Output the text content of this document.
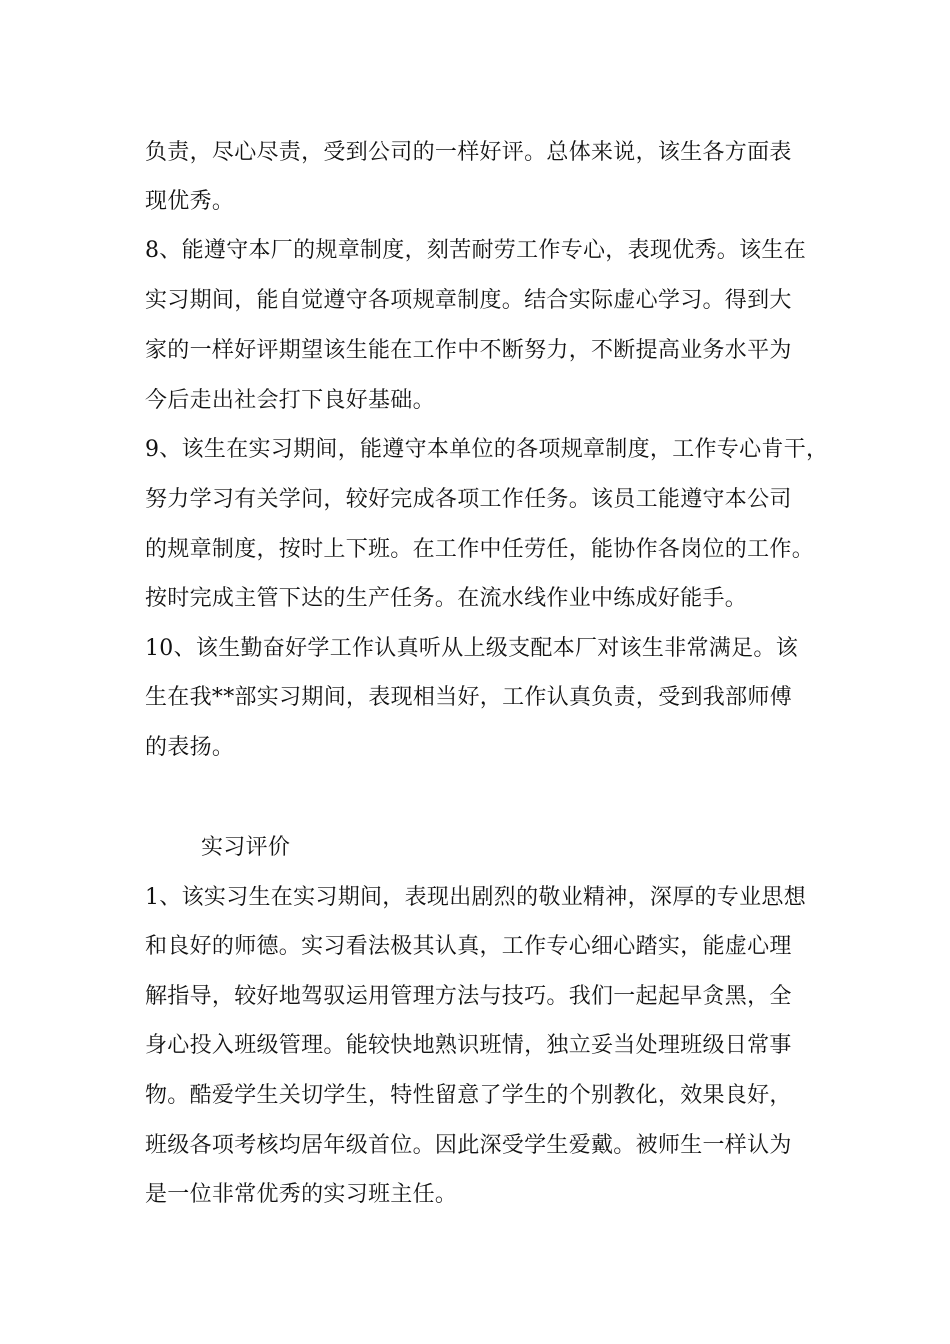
负责，尽心尽责，受到公司的一样好评。总体来说，该生各方面表
现优秀。
8、能遵守本厂的规章制度，刻苦耐劳工作专心，表现优秀。该生在
实习期间，能自觉遵守各项规章制度。结合实际虚心学习。得到大
家的一样好评期望该生能在工作中不断努力，不断提高业务水平为
今后走出社会打下良好基础。
9、该生在实习期间，能遵守本单位的各项规章制度，工作专心肯干，
努力学习有关学问，较好完成各项工作任务。该员工能遵守本公司
的规章制度，按时上下班。在工作中任劳任，能协作各岗位的工作。
按时完成主管下达的生产任务。在流水线作业中练成好能手。
10、该生勤奋好学工作认真听从上级支配本厂对该生非常满足。该
生在我**部实习期间，表现相当好，工作认真负责，受到我部师傅
的表扬。
实习评价
1、该实习生在实习期间，表现出剧烈的敬业精神，深厚的专业思想
和良好的师德。实习看法极其认真，工作专心细心踏实，能虚心理
解指导，较好地驾驭运用管理方法与技巧。我们一起起早贪黑，全
身心投入班级管理。能较快地熟识班情，独立妥当处理班级日常事
物。酷爱学生关切学生，特性留意了学生的个别教化，效果良好，
班级各项考核均居年级首位。因此深受学生爱戴。被师生一样认为
是一位非常优秀的实习班主任。
